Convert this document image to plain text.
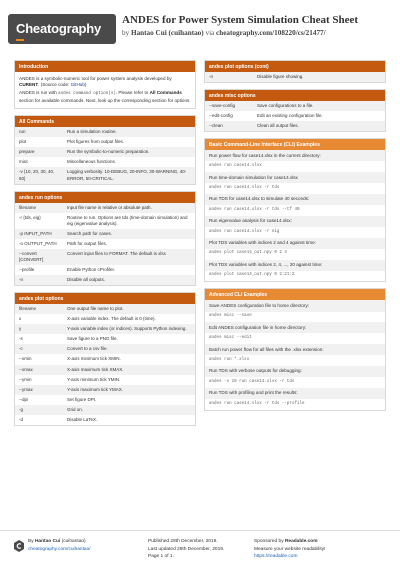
Cheatography
ANDES for Power System Simulation Cheat Sheet
by Hantao Cui (cuihantao) via cheatography.com/108220/cs/21477/
Introduction

ANDES is a symbolic-numeric tool for power system analysis developed by CURENT. (Source code: GitHub)

ANDES is run with andes command option(s). Please refer to All Commands section for available commands. Next, look up the corresponding section for options.

All Commands
run	Run a simulation routine.
plot	Plot figures from output files.
prepare	Run the symbolic-to-numeric preparation.
misc	Miscellaneous functions.
-v {10, 20, 30, 40, 50}	Logging verbosity. 10-DEBUG, 20-INFO, 30-WARNING, 40-ERROR, 50-CRITICAL.
andes run options
filename	Input file name in relative or absolute path.
-r {tds, eig}	Routine to run. Options are tds (time-domain simulation) and eig (eigenvalue analysis).
-p INPUT_PATH	Search path for cases.
-o OUTPUT_PATH	Path for output files.
--convert [CONVERT]	Convert input files to FORMAT. The default is xlsx
--profile	Enable Python cProfiler.
-n	Disable all outputs.
andes plot options
filename	One output file name to plot.
x	X-axis variable index. The default is 0 (time).
y	Y-axis variable index (or indices). Supports Python indexing.
-s	Save figure to a PNG file.
-c	Convert to a csv file.
--xmin	X-axis minimum tick XMIN.
--xmax	X-axis maximum tick XMAX.
--ymin	Y-axis minimum tick YMIN.
--ymax	Y-axis maximum tick YMAX.
--dpi	Set figure DPI.
-g	Grid on.
-d	Disable LaTeX.
andes plot options (cont)
-n	Disable figure showing.
andes misc options
--save-config	Save configurations to a file.
--edit-config	Edit an existing configuration file.
--clean	Clean all output files.
Basic Command-Line Interface (CLI) Examples
Run power flow for case14.xlsx in the current directory:
andes run case14.xlsx
Run time-domain simulation for case14.xlsx
andes run case14.xlsx -r tds
Run TDS for case14.xlsx to simulate 40 seconds:
andes run case14.xlsx -r tds --tf 40
Run eigenvalue analysis for case14.xlsx:
andes run case14.xlsx -r eig
Plot TDS variables with indices 2 and 4 against time:
andes plot case14_out.npy 0 2 4
Plot TDS variables with indices 2, 4, ..., 20 against time:
andes plot case14_out.npy 0 2:21:2
Advanced CLI Examples
Save ANDES configuration file to home directory:
andes misc --save
Edit ANDES configuration file in home directory:
andes misc --edit
Batch run power flow for all files with the .xlsx extension:
andes run *.xlsx
Run TDS with verbose outputs for debugging:
andes -v 10 run case14.xlsx -r tds
Run TDS with profiling and print the results:
andes run case14.xlsx -r tds --profile
By Hantao Cui (cuihantao)
cheatography.com/cuihantao/
Published 28th December, 2019.
Last updated 29th December, 2019.
Page 1 of 1.
Sponsored by Readable.com
Measure your website readability!
https://readable.com
